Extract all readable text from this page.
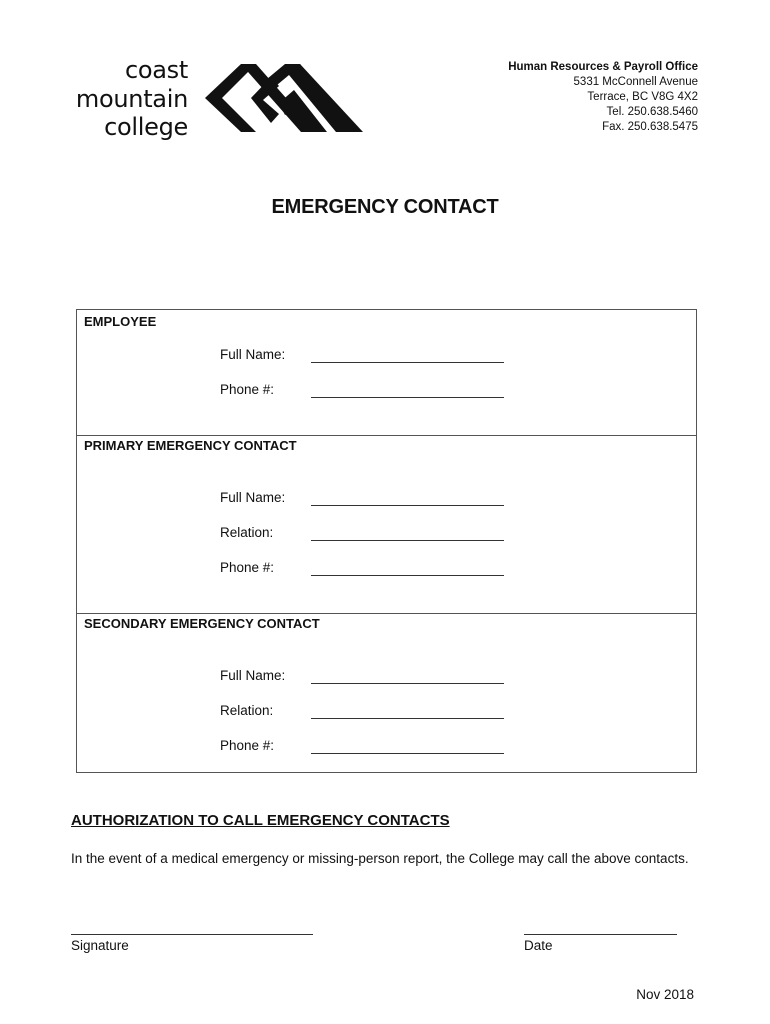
coast
mountain
college
Human Resources & Payroll Office
5331 McConnell Avenue
Terrace, BC V8G 4X2
Tel. 250.638.5460
Fax. 250.638.5475
EMERGENCY CONTACT
EMPLOYEE
Full Name:
Phone #:
PRIMARY EMERGENCY CONTACT
Full Name:
Relation:
Phone #:
SECONDARY EMERGENCY CONTACT
Full Name:
Relation:
Phone #:
AUTHORIZATION TO CALL EMERGENCY CONTACTS
In the event of a medical emergency or missing-person report, the College may call the above contacts.
Signature	Date
Nov 2018
